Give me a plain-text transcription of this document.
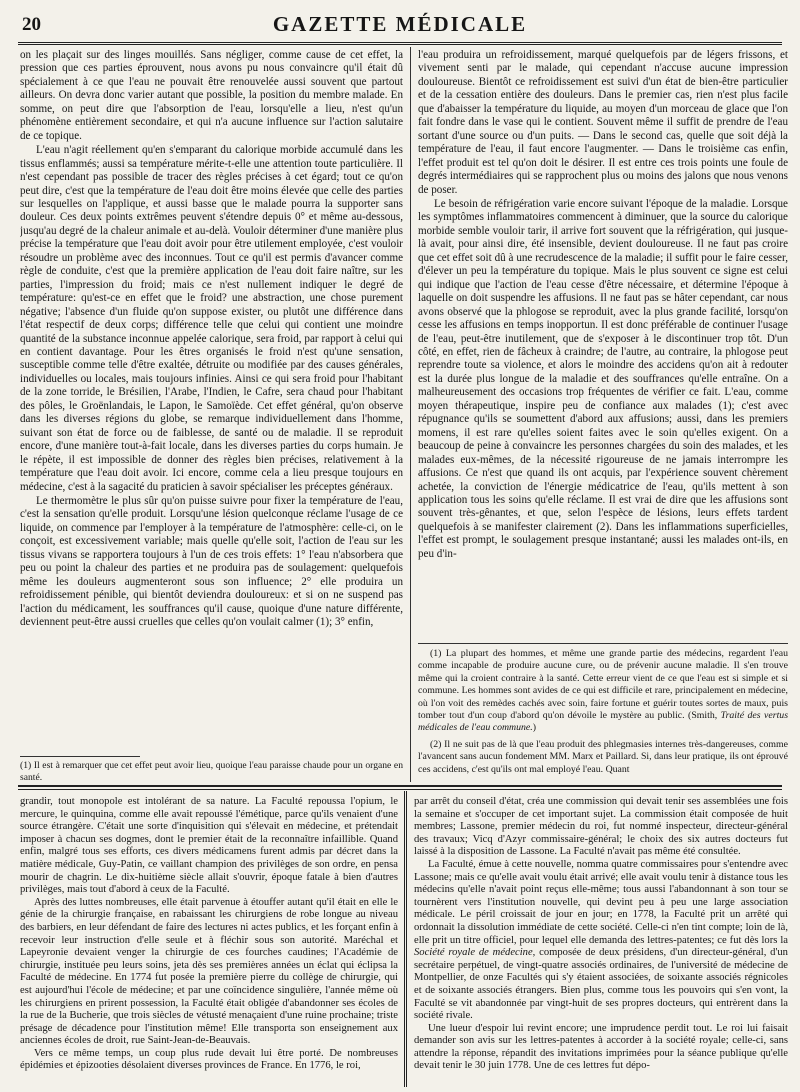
20	GAZETTE MÉDICALE

on les plaçait sur des linges mouillés. Sans négliger, comme cause de cet effet, la pression que ces parties éprouvent, nous avons pu nous convaincre qu'il était dû spécialement à ce que l'eau ne pouvait être renouvelée aussi souvent que partout ailleurs. On devra donc varier autant que possible, la position du membre malade. En somme, on peut dire que l'absorption de l'eau, lorsqu'elle a lieu, n'est qu'un phénomène entièrement secondaire, et qui n'a aucune influence sur l'action salutaire de ce topique.

L'eau n'agit réellement qu'en s'emparant du calorique morbide accumulé dans les tissus enflammés; aussi sa température mérite-t-elle une attention toute particulière. Il n'est cependant pas possible de tracer des règles précises à cet égard; tout ce qu'on peut dire, c'est que la température de l'eau doit être moins élevée que celle des parties sur lesquelles on l'applique, et aussi basse que le malade pourra la supporter sans douleur. Ces deux points extrêmes peuvent s'étendre depuis 0° et même au-dessous, jusqu'au degré de la chaleur animale et au-delà. Vouloir déterminer d'une manière plus précise la température que l'eau doit avoir pour être utilement employée, c'est vouloir résoudre un problème avec des inconnues. Tout ce qu'il est permis d'avancer comme règle de conduite, c'est que la première application de l'eau doit faire naître, sur les parties, l'impression du froid; mais ce n'est nullement indiquer le degré de température: qu'est-ce en effet que le froid? une abstraction, une chose purement négative; l'absence d'un fluide qu'on suppose exister, ou plutôt une différence dans l'état respectif de deux corps; différence telle que celui qui contient une moindre quantité de la substance inconnue appelée calorique, sera froid, par rapport à celui qui en contient davantage. Pour les êtres organisés le froid n'est qu'une sensation, susceptible comme telle d'être exaltée, détruite ou modifiée par des causes générales, individuelles ou locales, mais toujours infinies. Ainsi ce qui sera froid pour l'habitant de la zone torride, le Brésilien, l'Arabe, l'Indien, le Cafre, sera chaud pour l'habitant des pôles, le Groënlandais, le Lapon, le Samoïède. Cet effet général, qu'on observe dans les diverses régions du globe, se remarque individuellement dans l'homme, suivant son état de force ou de faiblesse, de santé ou de maladie. Il se reproduit encore, d'une manière tout-à-fait locale, dans les diverses parties du corps humain. Je le répète, il est impossible de donner des règles bien précises, relativement à la température que l'eau doit avoir. Ici encore, comme cela a lieu presque toujours en médecine, c'est à la sagacité du praticien à savoir spécialiser les préceptes généraux.

Le thermomètre le plus sûr qu'on puisse suivre pour fixer la température de l'eau, c'est la sensation qu'elle produit. Lorsqu'une lésion quelconque réclame l'usage de ce liquide, on commence par l'employer à la température de l'atmosphère: celle-ci, on le conçoit, est excessivement variable; mais quelle qu'elle soit, l'action de l'eau sur les tissus vivans se rapportera toujours à l'un de ces trois effets: 1° l'eau n'absorbera que peu ou point la chaleur des parties et ne produira pas de soulagement: quelquefois même les douleurs augmenteront sous son influence; 2° elle produira un refroidissement pénible, qui bientôt deviendra douloureux: et si on ne suspend pas l'action du médicament, les souffrances qu'il cause, quoique d'une nature différente, deviennent peut-être aussi cruelles que celles qu'on voulait calmer (1); 3° enfin,

(1) Il est à remarquer que cet effet peut avoir lieu, quoique l'eau paraisse chaude pour un organe en santé.

l'eau produira un refroidissement, marqué quelquefois par de légers frissons, et vivement senti par le malade, qui cependant n'accuse aucune impression douloureuse. Bientôt ce refroidissement est suivi d'un état de bien-être particulier et de la cessation entière des douleurs. Dans le premier cas, rien n'est plus facile que d'abaisser la température du liquide, au moyen d'un morceau de glace que l'on fait fondre dans le vase qui le contient. Souvent même il suffit de prendre de l'eau sortant d'une source ou d'un puits. — Dans le second cas, quelle que soit déjà la température de l'eau, il faut encore l'augmenter. — Dans le troisième cas enfin, l'effet produit est tel qu'on doit le désirer. Il est entre ces trois points une foule de degrés intermédiaires qui se rapprochent plus ou moins des jalons que nous venons de poser.

Le besoin de réfrigération varie encore suivant l'époque de la maladie. Lorsque les symptômes inflammatoires commencent à diminuer, que la source du calorique morbide semble vouloir tarir, il arrive fort souvent que la réfrigération, qui jusque-là avait, pour ainsi dire, été insensible, devient douloureuse. Il ne faut pas croire que cet effet soit dû à une recrudescence de la maladie; il suffit pour le faire cesser, d'élever un peu la température du topique. Mais le plus souvent ce signe est celui qui indique que l'action de l'eau cesse d'être nécessaire, et détermine l'époque à laquelle on doit suspendre les affusions. Il ne faut pas se hâter cependant, car nous avons observé que la phlogose se reproduit, avec la plus grande facilité, lorsqu'on cesse les affusions en temps inopportun. Il est donc préférable de continuer l'usage de l'eau, peut-être inutilement, que de s'exposer à le discontinuer trop tôt. D'un côté, en effet, rien de fâcheux à craindre; de l'autre, au contraire, la phlogose peut reprendre toute sa violence, et alors le moindre des accidens qu'on ait à redouter est la durée plus longue de la maladie et des souffrances qu'elle entraîne. On a malheureusement des occasions trop fréquentes de vérifier ce fait. L'eau, comme moyen thérapeutique, inspire peu de confiance aux malades (1); c'est avec répugnance qu'ils se soumettent d'abord aux affusions; aussi, dans les premiers momens, il est rare qu'elles soient faites avec le soin qu'elles exigent. On a beaucoup de peine à convaincre les personnes chargées du soin des malades, et les malades eux-mêmes, de la nécessité rigoureuse de ne jamais interrompre les affusions. Ce n'est que quand ils ont acquis, par l'expérience souvent chèrement achetée, la conviction de l'énergie médicatrice de l'eau, qu'ils mettent à son application tous les soins qu'elle réclame. Il est vrai de dire que les affusions sont souvent très-gênantes, et que, selon l'espèce de lésions, leurs effets tardent quelquefois à se manifester clairement (2). Dans les inflammations superficielles, l'effet est prompt, le soulagement presque instantané; aussi les malades ont-ils, en peu d'in-

(1) La plupart des hommes, et même une grande partie des médecins, regardent l'eau comme incapable de produire aucune cure, ou de prévenir aucune maladie. Il s'en trouve même qui la croient contraire à la santé. Cette erreur vient de ce que l'eau est si simple et si commune. Les hommes sont avides de ce qui est difficile et rare, principalement en médecine, où l'on voit des remèdes cachés avec soin, faire fortune et guérir toutes sortes de maux, puis tomber tout d'un coup d'abord qu'on dévoile le mystère au public. (Smith, Traité des vertus médicales de l'eau commune.)

(2) Il ne suit pas de là que l'eau produit des phlegmasies internes très-dangereuses, comme l'avancent sans aucun fondement MM. Marx et Paillard. Si, dans leur pratique, ils ont éprouvé ces accidens, c'est qu'ils ont mal employé l'eau. Quant

grandir, tout monopole est intolérant de sa nature. La Faculté repoussa l'opium, le mercure, le quinquina, comme elle avait repoussé l'émétique, parce qu'ils venaient d'une source étrangère. C'était une sorte d'inquisition qui s'élevait en médecine, et prétendait imposer à chacun ses dogmes, dont le premier était de la reconnaître infaillible. Quand enfin, malgré tous ses efforts, ces divers médicamens furent admis par décret dans la matière médicale, Guy-Patin, ce vaillant champion des privilèges de son ordre, en pensa mourir de chagrin. Le dix-huitième siècle allait s'ouvrir, époque fatale à bien d'autres privilèges, mais tout d'abord à ceux de la Faculté.

Après des luttes nombreuses, elle était parvenue à étouffer autant qu'il était en elle le génie de la chirurgie française, en rabaissant les chirurgiens de robe longue au niveau des barbiers, en leur défendant de faire des lectures ni actes publics, et les forçant enfin à recevoir leur instruction d'elle seule et à fléchir sous son autorité. Maréchal et Lapeyronie devaient venger la chirurgie de ces fourches caudines; l'Académie de chirurgie, instituée peu leurs soins, jeta dès ses premières années un éclat qui éclipsa la Faculté de médecine. En 1774 fut posée la première pierre du collège de chirurgie, qui est aujourd'hui l'école de médecine; et par une coïncidence singulière, l'année même où les chirurgiens en prirent possession, la Faculté était obligée d'abandonner ses écoles de la rue de la Bucherie, que trois siècles de vétusté menaçaient d'une ruine prochaine; triste présage de décadence pour l'institution même! Elle transporta son enseignement aux anciennes écoles de droit, rue Saint-Jean-de-Beauvais.

Vers ce même temps, un coup plus rude devait lui être porté. De nombreuses épidémies et épizooties désolaient diverses provinces de France. En 1776, le roi,

par arrêt du conseil d'état, créa une commission qui devait tenir ses assemblées une fois la semaine et s'occuper de cet important sujet. La commission était composée de huit membres; Lassone, premier médecin du roi, fut nommé inspecteur, directeur-général des travaux; Vicq d'Azyr commissaire-général; le choix des six autres docteurs fut laissé à la disposition de Lassone. La Faculté n'avait pas même été consultée.

La Faculté, émue à cette nouvelle, nomma quatre commissaires pour s'entendre avec Lassone; mais ce qu'elle avait voulu était arrivé; elle avait voulu tenir à distance tous les médecins qu'elle n'avait point reçus elle-même; tous aussi l'abandonnant à son tour se tournèrent vers l'institution nouvelle, qui devint peu à peu une large association médicale. Le péril croissait de jour en jour; en 1778, la Faculté prit un arrêté qui ordonnait la dissolution immédiate de cette société. Celle-ci n'en tint compte; loin de là, elle prit un titre officiel, pour lequel elle demanda des lettres-patentes; ce fut dès lors la Société royale de médecine, composée de deux présidens, d'un directeur-général, d'un secrétaire perpétuel, de vingt-quatre associés ordinaires, de l'université de médecine de Montpellier, de onze Facultés qui s'y étaient associées, de soixante associés régnicoles et de soixante associés étrangers. Bien plus, comme tous les pouvoirs qui s'en vont, la Faculté se vit abandonnée par vingt-huit de ses propres docteurs, qui entrèrent dans la société rivale.

Une lueur d'espoir lui revint encore; une imprudence perdit tout. Le roi lui faisait demander son avis sur les lettres-patentes à accorder à la société royale; celle-ci, sans attendre la réponse, répandit des invitations imprimées pour la séance publique qu'elle devait tenir le 30 juin 1778. Une de ces lettres fut dépo-
